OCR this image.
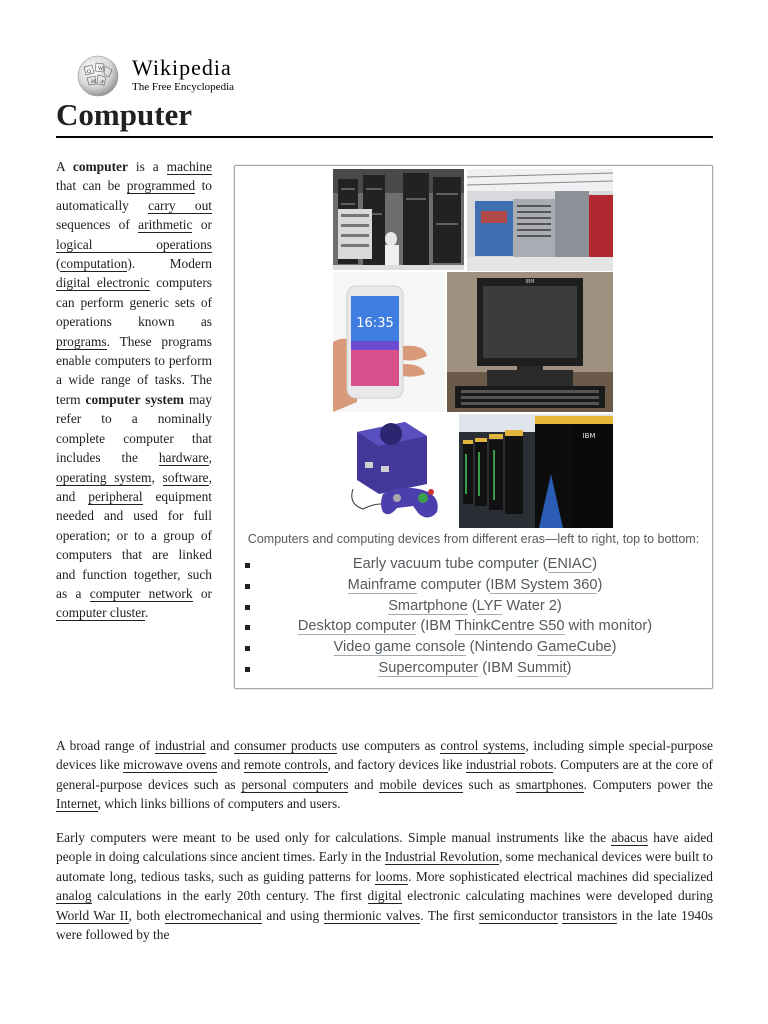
Ω W
И ي
Wikipedia
The Free Encyclopedia
Computer
A computer is a machine that can be programmed to automatically carry out sequences of arithmetic or logical operations (computation). Modern digital electronic computers can perform generic sets of operations known as programs. These programs enable computers to perform a wide range of tasks. The term computer system may refer to a nominally complete computer that includes the hardware, operating system, software, and peripheral equipment needed and used for full operation; or to a group of computers that are linked and function together, such as a computer network or computer cluster.
16:35
IBM
IBM
Computers and computing devices from different eras—left to right, top to bottom:
Early vacuum tube computer (ENIAC)
Mainframe computer (IBM System 360)
Smartphone (LYF Water 2)
Desktop computer (IBM ThinkCentre S50 with monitor)
Video game console (Nintendo GameCube)
Supercomputer (IBM Summit)

A broad range of industrial and consumer products use computers as control systems, including simple special-purpose devices like microwave ovens and remote controls, and factory devices like industrial robots. Computers are at the core of general-purpose devices such as personal computers and mobile devices such as smartphones. Computers power the Internet, which links billions of computers and users.

Early computers were meant to be used only for calculations. Simple manual instruments like the abacus have aided people in doing calculations since ancient times. Early in the Industrial Revolution, some mechanical devices were built to automate long, tedious tasks, such as guiding patterns for looms. More sophisticated electrical machines did specialized analog calculations in the early 20th century. The first digital electronic calculating machines were developed during World War II, both electromechanical and using thermionic valves. The first semiconductor transistors in the late 1940s were followed by the
